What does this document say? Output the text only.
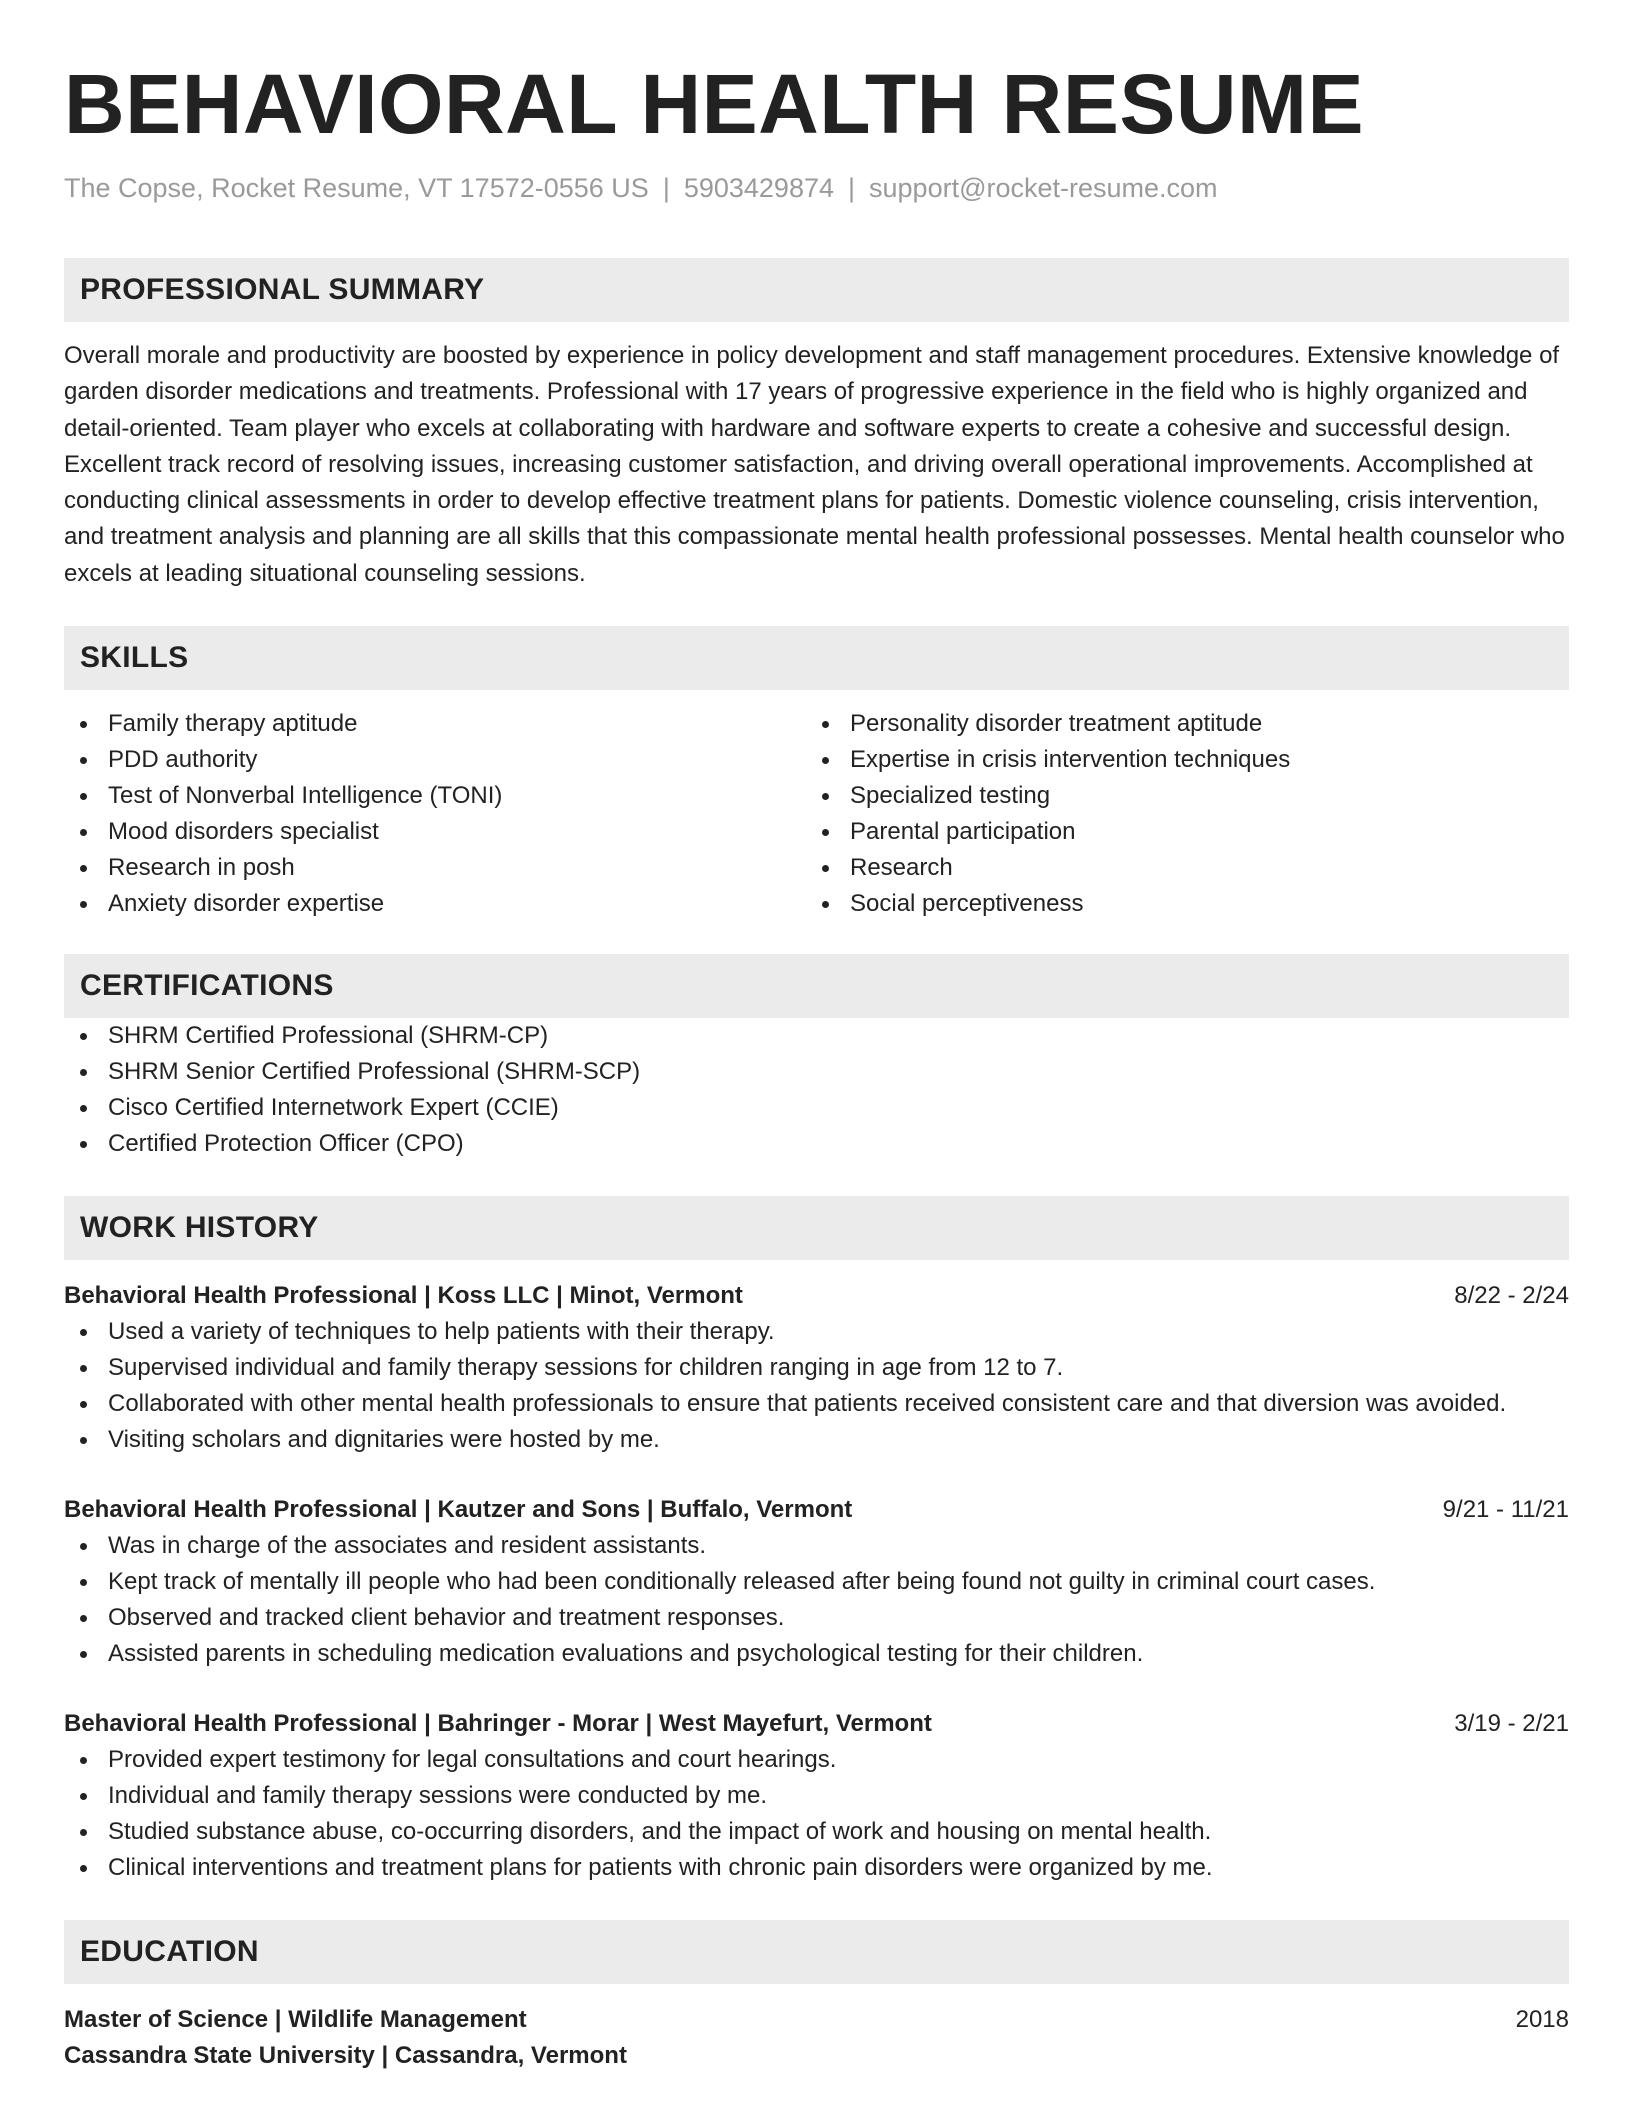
BEHAVIORAL HEALTH RESUME
The Copse, Rocket Resume, VT 17572-0556 US | 5903429874 | support@rocket-resume.com
PROFESSIONAL SUMMARY

Overall morale and productivity are boosted by experience in policy development and staff management procedures. Extensive knowledge of garden disorder medications and treatments. Professional with 17 years of progressive experience in the field who is highly organized and detail-oriented. Team player who excels at collaborating with hardware and software experts to create a cohesive and successful design. Excellent track record of resolving issues, increasing customer satisfaction, and driving overall operational improvements. Accomplished at conducting clinical assessments in order to develop effective treatment plans for patients. Domestic violence counseling, crisis intervention, and treatment analysis and planning are all skills that this compassionate mental health professional possesses. Mental health counselor who excels at leading situational counseling sessions.

SKILLS
Family therapy aptitude
PDD authority
Test of Nonverbal Intelligence (TONI)
Mood disorders specialist
Research in posh
Anxiety disorder expertise
Personality disorder treatment aptitude
Expertise in crisis intervention techniques
Specialized testing
Parental participation
Research
Social perceptiveness
CERTIFICATIONS
SHRM Certified Professional (SHRM-CP)
SHRM Senior Certified Professional (SHRM-SCP)
Cisco Certified Internetwork Expert (CCIE)
Certified Protection Officer (CPO)
WORK HISTORY
Behavioral Health Professional | Koss LLC | Minot, Vermont	8/22 - 2/24
Used a variety of techniques to help patients with their therapy.
Supervised individual and family therapy sessions for children ranging in age from 12 to 7.
Collaborated with other mental health professionals to ensure that patients received consistent care and that diversion was avoided.
Visiting scholars and dignitaries were hosted by me.
Behavioral Health Professional | Kautzer and Sons | Buffalo, Vermont	9/21 - 11/21
Was in charge of the associates and resident assistants.
Kept track of mentally ill people who had been conditionally released after being found not guilty in criminal court cases.
Observed and tracked client behavior and treatment responses.
Assisted parents in scheduling medication evaluations and psychological testing for their children.
Behavioral Health Professional | Bahringer - Morar | West Mayefurt, Vermont	3/19 - 2/21
Provided expert testimony for legal consultations and court hearings.
Individual and family therapy sessions were conducted by me.
Studied substance abuse, co-occurring disorders, and the impact of work and housing on mental health.
Clinical interventions and treatment plans for patients with chronic pain disorders were organized by me.
EDUCATION
Master of Science | Wildlife Management	2018
Cassandra State University | Cassandra, Vermont
